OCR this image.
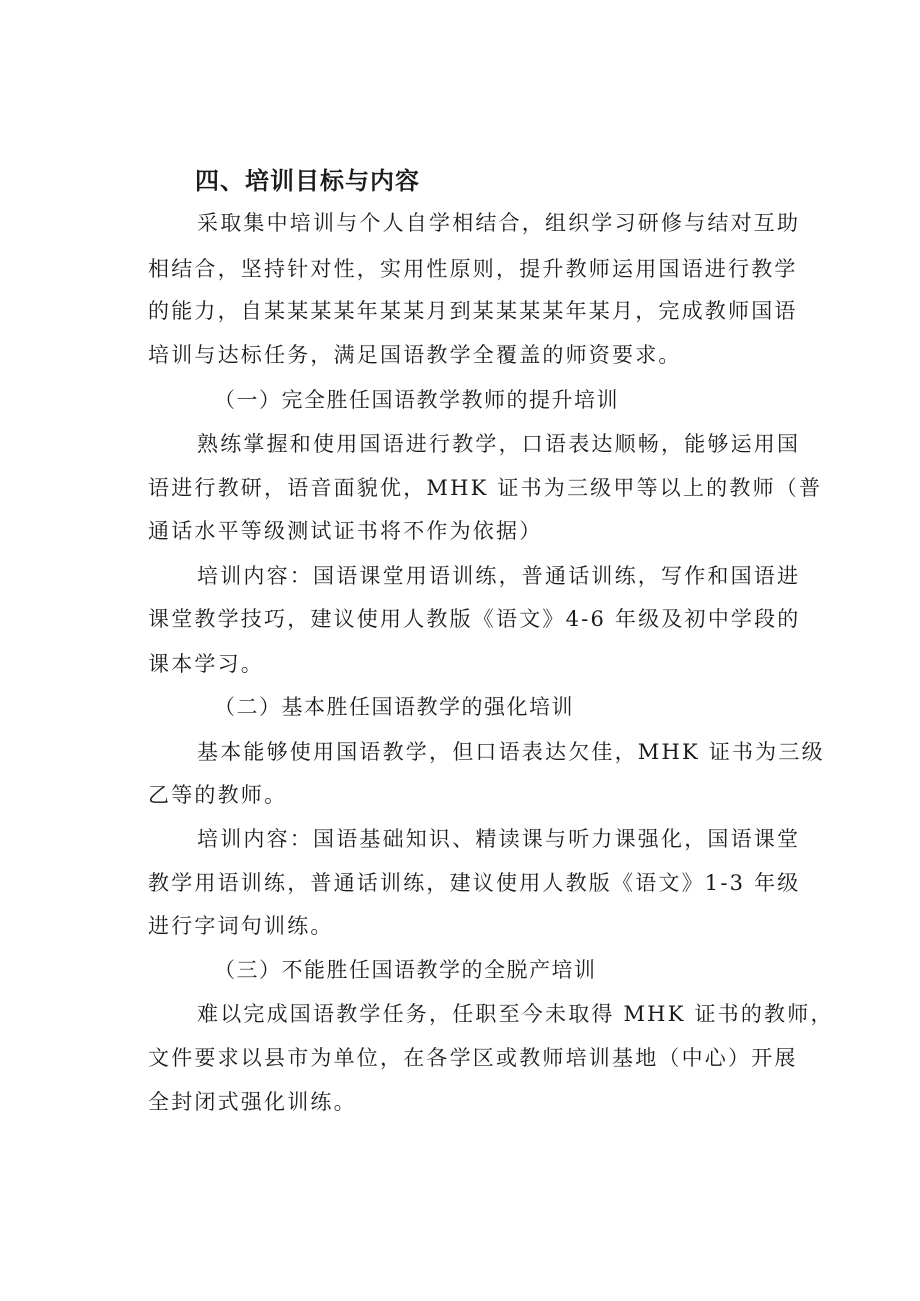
四、培训目标与内容
采取集中培训与个人自学相结合，组织学习研修与结对互助
相结合，坚持针对性，实用性原则，提升教师运用国语进行教学
的能力，自某某某某年某某月到某某某某年某月，完成教师国语
培训与达标任务，满足国语教学全覆盖的师资要求。
（一）完全胜任国语教学教师的提升培训
熟练掌握和使用国语进行教学，口语表达顺畅，能够运用国
语进行教研，语音面貌优，MHK 证书为三级甲等以上的教师（普
通话水平等级测试证书将不作为依据）
培训内容：国语课堂用语训练，普通话训练，写作和国语进
课堂教学技巧，建议使用人教版《语文》4-6 年级及初中学段的
课本学习。
（二）基本胜任国语教学的强化培训
基本能够使用国语教学，但口语表达欠佳，MHK 证书为三级
乙等的教师。
培训内容：国语基础知识、精读课与听力课强化，国语课堂
教学用语训练，普通话训练，建议使用人教版《语文》1-3 年级
进行字词句训练。
（三）不能胜任国语教学的全脱产培训
难以完成国语教学任务，任职至今未取得 MHK 证书的教师，
文件要求以县市为单位，在各学区或教师培训基地（中心）开展
全封闭式强化训练。
